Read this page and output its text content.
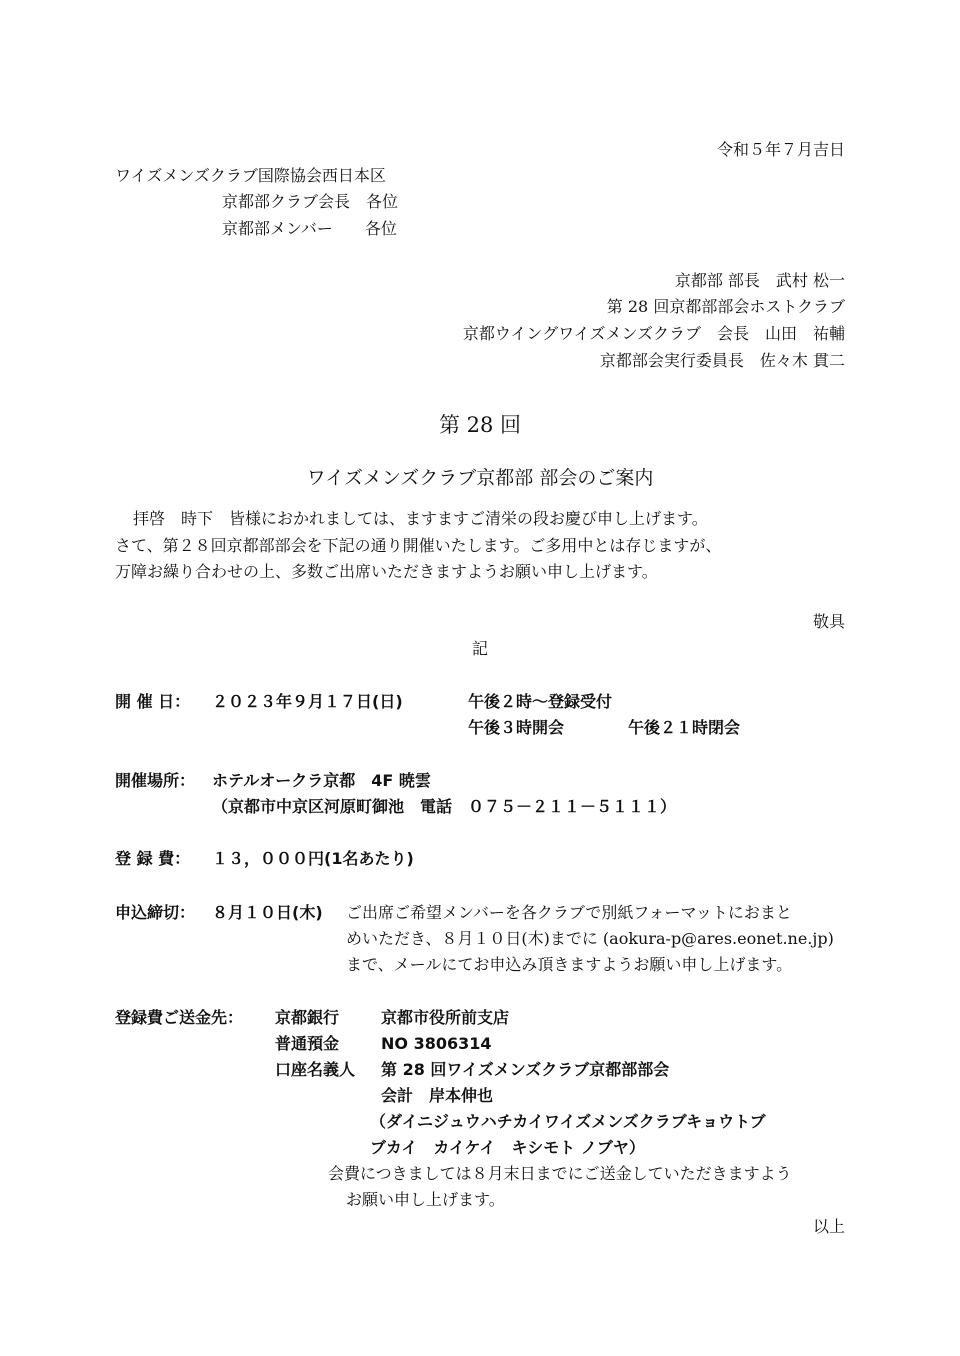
令和５年７月吉日
ワイズメンズクラブ国際協会西日本区
京都部クラブ会長　各位
京都部メンバー　　各位
京都部 部長　武村 松一
第 28 回京都部部会ホストクラブ
京都ウイングワイズメンズクラブ　会長　山田　祐輔
京都部会実行委員長　佐々木 貫二
第 28 回
ワイズメンズクラブ京都部 部会のご案内
拝啓　時下　皆様におかれましては、ますますご清栄の段お慶び申し上げます。
さて、第２８回京都部部会を下記の通り開催いたします。ご多用中とは存じますが、
万障お繰り合わせの上、多数ご出席いただきますようお願い申し上げます。
敬具
記
開 催 日： ２０２３年９月１７日(日)	午後２時～登録受付
午後３時開会	午後２１時閉会
開催場所： ホテルオークラ京都　4F 暁雲
（京都市中京区河原町御池　電話　０７５－２１１－５１１１）
登 録 費： １３，０００円(1名あたり)
申込締切： ８月１０日(木) ご出席ご希望メンバーを各クラブで別紙フォーマットにおまと
めいただき、８月１０日(木)までに (aokura-p@ares.eonet.ne.jp)
まで、メールにてお申込み頂きますようお願い申し上げます。
登録費ご送金先： 京都銀行	京都市役所前支店
普通預金	NO 3806314
口座名義人 第 28 回ワイズメンズクラブ京都部部会
会計　岸本伸也
（ダイニジュウハチカイワイズメンズクラブキョウトブ
ブカイ　カイケイ　キシモト ノブヤ）
会費につきましては８月末日までにご送金していただきますよう
お願い申し上げます。
以上
